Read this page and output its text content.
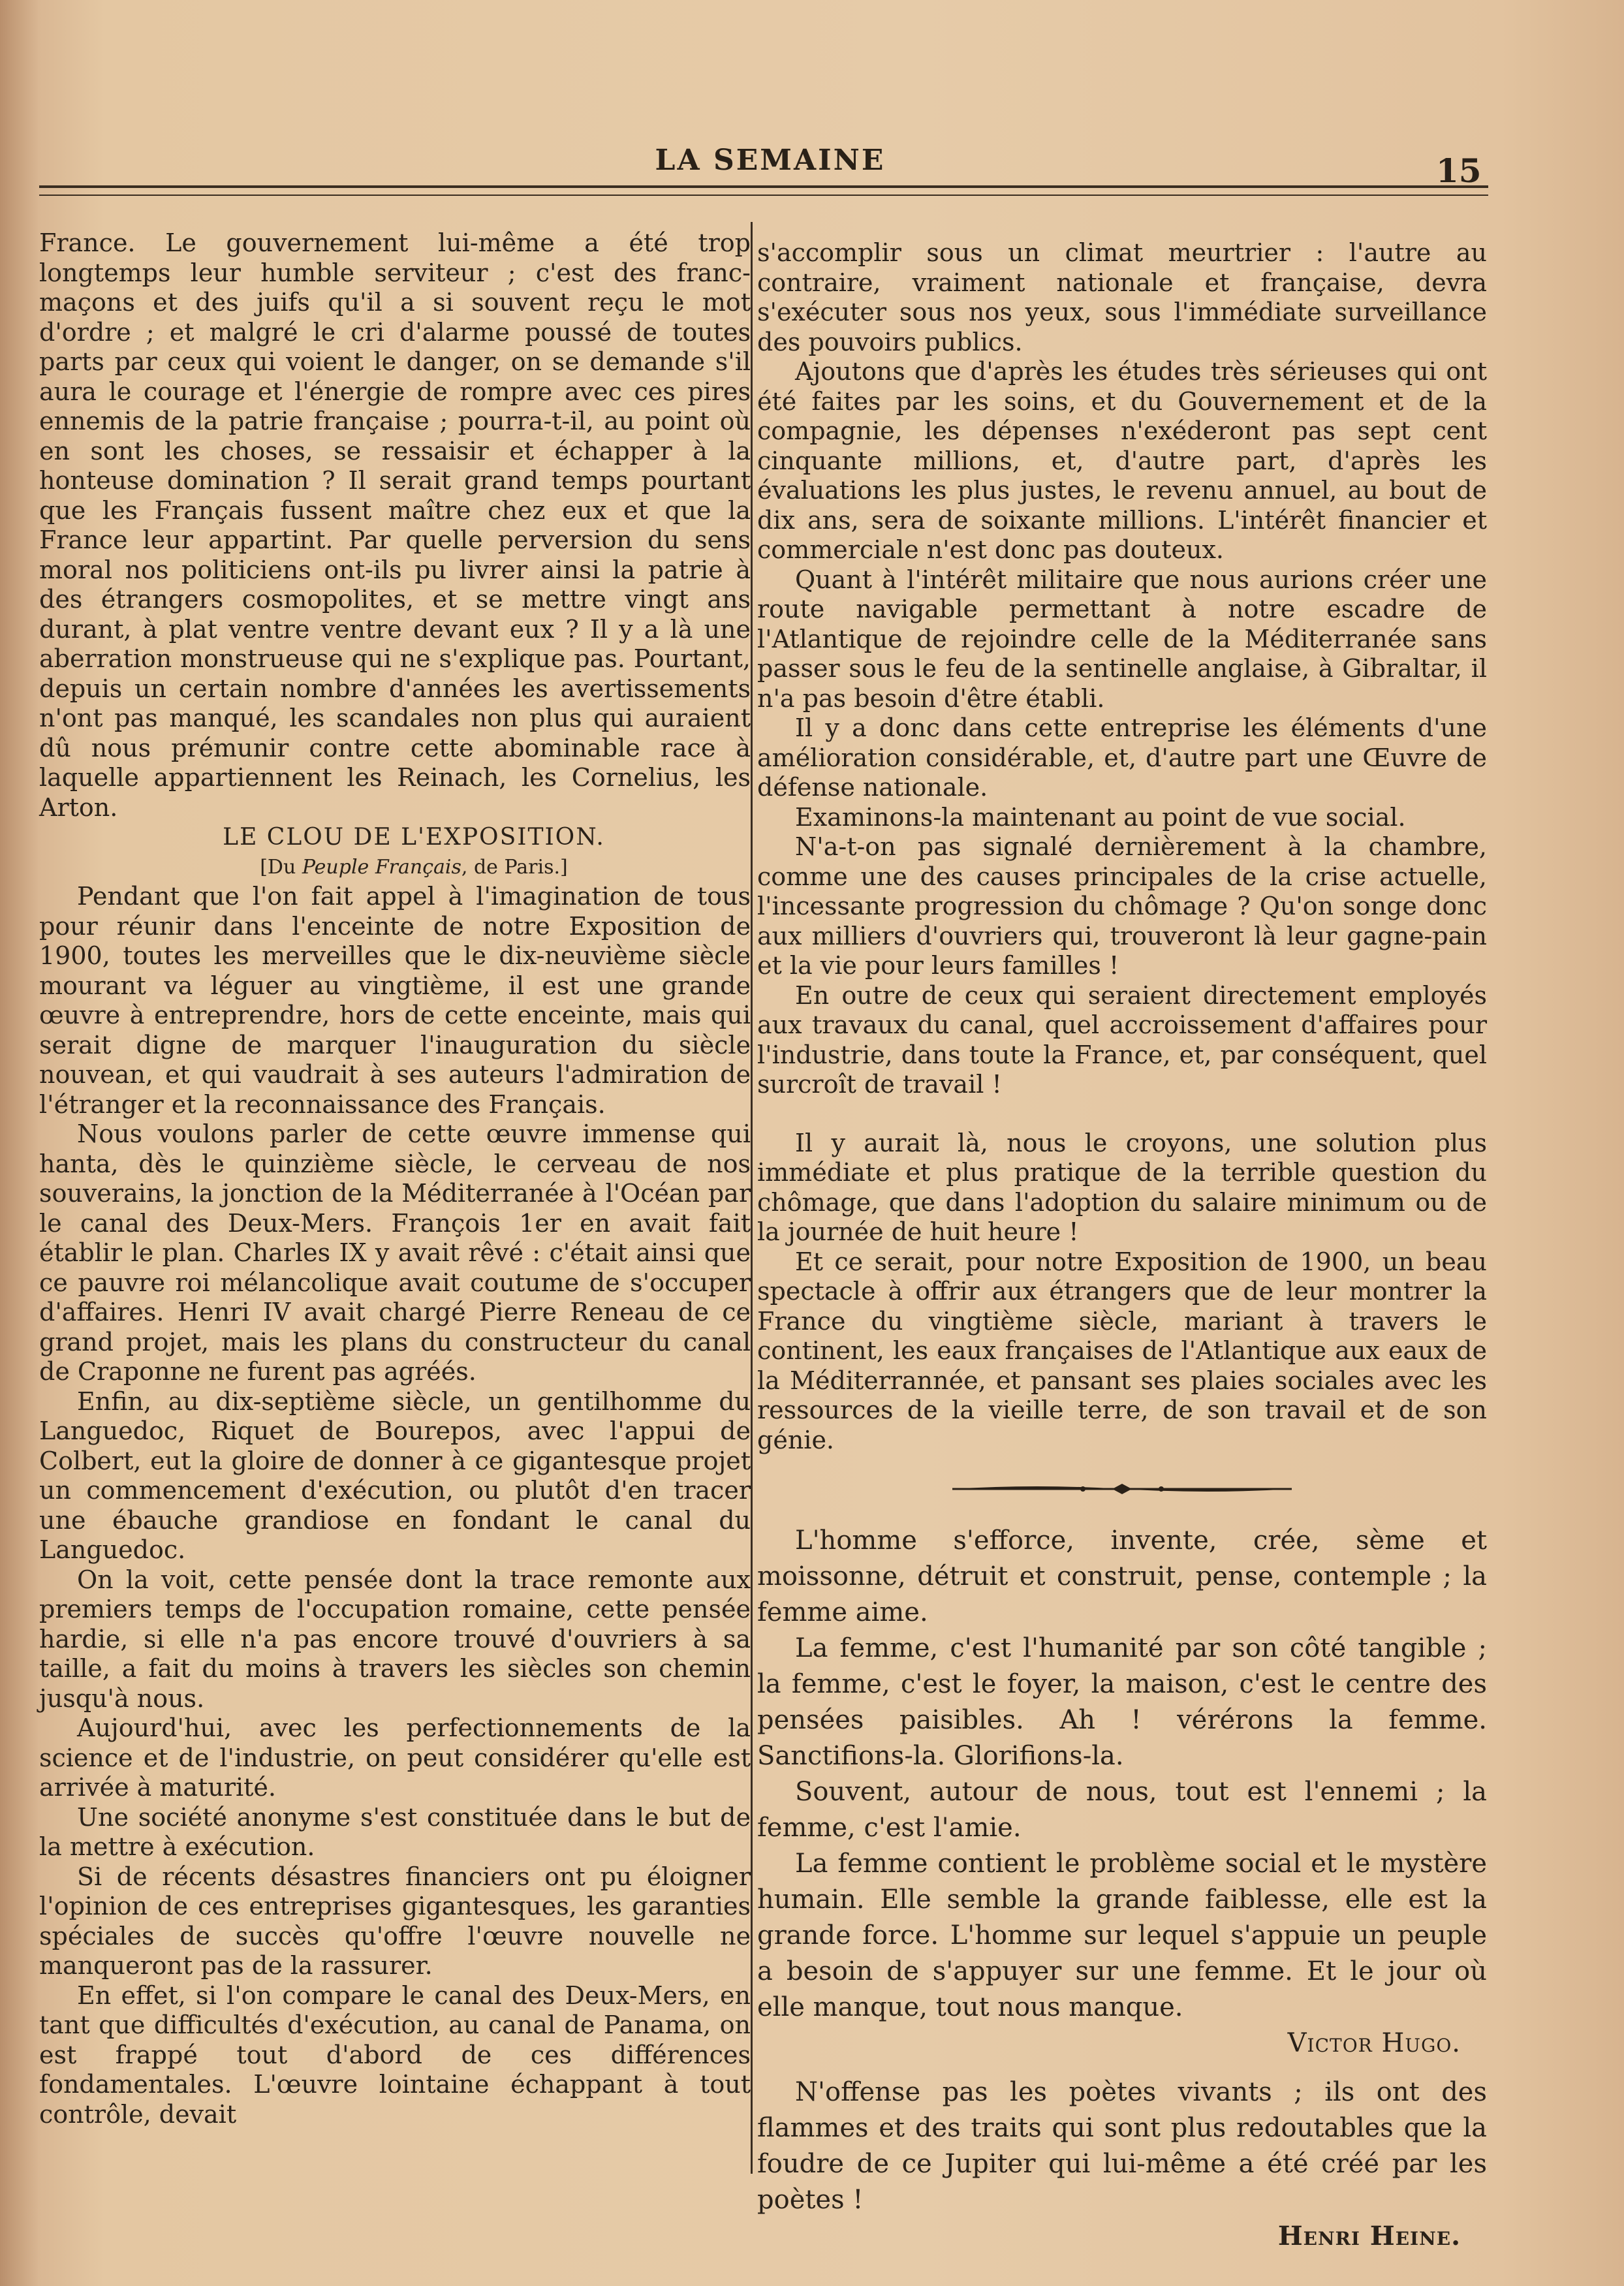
LA SEMAINE	15

France. Le gouvernement lui-même a été trop longtemps leur humble serviteur ; c'est des franc-maçons et des juifs qu'il a si souvent reçu le mot d'ordre ; et malgré le cri d'alarme poussé de toutes parts par ceux qui voient le danger, on se demande s'il aura le courage et l'énergie de rompre avec ces pires ennemis de la patrie française ; pourra-t-il, au point où en sont les choses, se ressaisir et échapper à la honteuse domination ? Il serait grand temps pourtant que les Français fussent maître chez eux et que la France leur appartint. Par quelle perversion du sens moral nos politiciens ont-ils pu livrer ainsi la patrie à des étrangers cosmopolites, et se mettre vingt ans durant, à plat ventre ventre devant eux ? Il y a là une aberration monstrueuse qui ne s'explique pas. Pourtant, depuis un certain nombre d'années les avertissements n'ont pas manqué, les scandales non plus qui auraient dû nous prémunir contre cette abominable race à laquelle appartiennent les Reinach, les Cornelius, les Arton.

LE CLOU DE L'EXPOSITION.

[Du Peuple Français, de Paris.]

Pendant que l'on fait appel à l'imagination de tous pour réunir dans l'enceinte de notre Exposition de 1900, toutes les merveilles que le dix-neuvième siècle mourant va léguer au vingtième, il est une grande œuvre à entreprendre, hors de cette enceinte, mais qui serait digne de marquer l'inauguration du siècle nouvean, et qui vaudrait à ses auteurs l'admiration de l'étranger et la reconnaissance des Français.

Nous voulons parler de cette œuvre immense qui hanta, dès le quinzième siècle, le cerveau de nos souverains, la jonction de la Méditerranée à l'Océan par le canal des Deux-Mers. François 1er en avait fait établir le plan. Charles IX y avait rêvé : c'était ainsi que ce pauvre roi mélancolique avait coutume de s'occuper d'affaires. Henri IV avait chargé Pierre Reneau de ce grand projet, mais les plans du constructeur du canal de Craponne ne furent pas agréés.

Enfin, au dix-septième siècle, un gentilhomme du Languedoc, Riquet de Bourepos, avec l'appui de Colbert, eut la gloire de donner à ce gigantesque projet un commencement d'exécution, ou plutôt d'en tracer une ébauche grandiose en fondant le canal du Languedoc.

On la voit, cette pensée dont la trace remonte aux premiers temps de l'occupation romaine, cette pensée hardie, si elle n'a pas encore trouvé d'ouvriers à sa taille, a fait du moins à travers les siècles son chemin jusqu'à nous.

Aujourd'hui, avec les perfectionnements de la science et de l'industrie, on peut considérer qu'elle est arrivée à maturité.

Une société anonyme s'est constituée dans le but de la mettre à exécution.

Si de récents désastres financiers ont pu éloigner l'opinion de ces entreprises gigantesques, les garanties spéciales de succès qu'offre l'œuvre nouvelle ne manqueront pas de la rassurer.

En effet, si l'on compare le canal des Deux-Mers, en tant que difficultés d'exécution, au canal de Panama, on est frappé tout d'abord de ces différences fondamentales. L'œuvre lointaine échappant à tout contrôle, devait

s'accomplir sous un climat meurtrier : l'autre au contraire, vraiment nationale et française, devra s'exécuter sous nos yeux, sous l'immédiate surveillance des pouvoirs publics.

Ajoutons que d'après les études très sérieuses qui ont été faites par les soins, et du Gouvernement et de la compagnie, les dépenses n'exéderont pas sept cent cinquante millions, et, d'autre part, d'après les évaluations les plus justes, le revenu annuel, au bout de dix ans, sera de soixante millions. L'intérêt financier et commerciale n'est donc pas douteux.

Quant à l'intérêt militaire que nous aurions créer une route navigable permettant à notre escadre de l'Atlantique de rejoindre celle de la Méditerranée sans passer sous le feu de la sentinelle anglaise, à Gibraltar, il n'a pas besoin d'être établi.

Il y a donc dans cette entreprise les éléments d'une amélioration considérable, et, d'autre part une Œuvre de défense nationale.

Examinons-la maintenant au point de vue social.

N'a-t-on pas signalé dernièrement à la chambre, comme une des causes principales de la crise actuelle, l'incessante progression du chômage ? Qu'on songe donc aux milliers d'ouvriers qui, trouveront là leur gagne-pain et la vie pour leurs familles !

En outre de ceux qui seraient directement employés aux travaux du canal, quel accroissement d'affaires pour l'industrie, dans toute la France, et, par conséquent, quel surcroît de travail !

Il y aurait là, nous le croyons, une solution plus immédiate et plus pratique de la terrible question du chômage, que dans l'adoption du salaire minimum ou de la journée de huit heure !

Et ce serait, pour notre Exposition de 1900, un beau spectacle à offrir aux étrangers que de leur montrer la France du vingtième siècle, mariant à travers le continent, les eaux françaises de l'Atlantique aux eaux de la Méditerrannée, et pansant ses plaies sociales avec les ressources de la vieille terre, de son travail et de son génie.

L'homme s'efforce, invente, crée, sème et moissonne, détruit et construit, pense, contemple ; la femme aime.

La femme, c'est l'humanité par son côté tangible ; la femme, c'est le foyer, la maison, c'est le centre des pensées paisibles. Ah ! vérérons la femme. Sanctifions-la. Glorifions-la.

Souvent, autour de nous, tout est l'ennemi ; la femme, c'est l'amie.

La femme contient le problème social et le mystère humain. Elle semble la grande faiblesse, elle est la grande force. L'homme sur lequel s'appuie un peuple a besoin de s'appuyer sur une femme. Et le jour où elle manque, tout nous manque.

Victor Hugo.

N'offense pas les poètes vivants ; ils ont des flammes et des traits qui sont plus redoutables que la foudre de ce Jupiter qui lui-même a été créé par les poètes !

Henri Heine.
